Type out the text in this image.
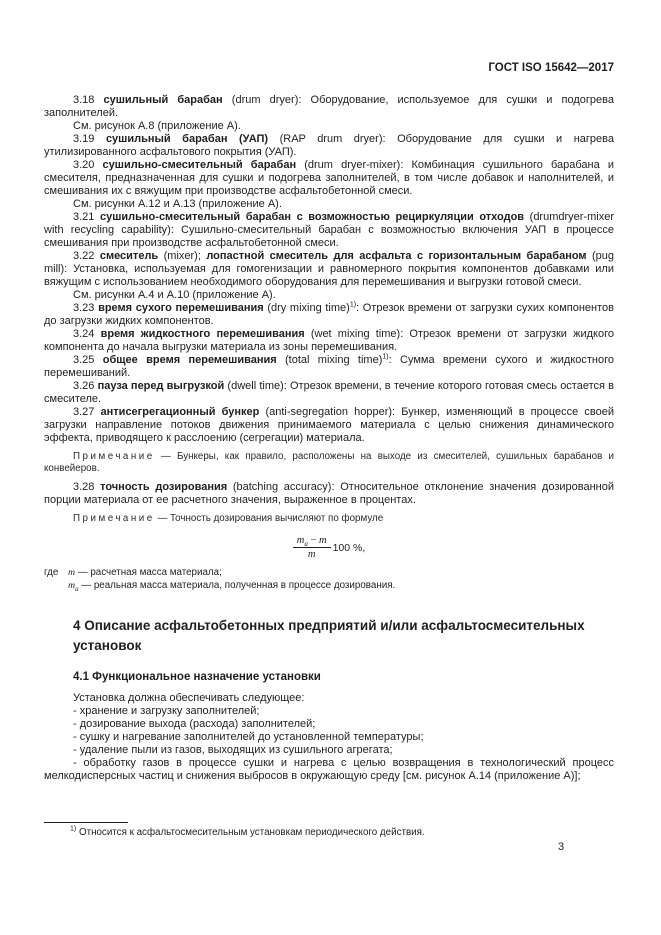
ГОСТ ISO 15642—2017

3.18 сушильный барабан (drum dryer): Оборудование, используемое для сушки и подогрева заполнителей.

См. рисунок А.8 (приложение А).

3.19 сушильный барабан (УАП) (RAP drum dryer): Оборудование для сушки и нагрева утилизированного асфальтового покрытия (УАП).

3.20 сушильно-смесительный барабан (drum dryer-mixer): Комбинация сушильного барабана и смесителя, предназначенная для сушки и подогрева заполнителей, в том числе добавок и наполнителей, и смешивания их с вяжущим при производстве асфальтобетонной смеси.

См. рисунки А.12 и А.13 (приложение А).

3.21 сушильно-смесительный барабан с возможностью рециркуляции отходов (drumdryer-mixer with recycling capability): Сушильно-смесительный барабан с возможностью включения УАП в процессе смешивания при производстве асфальтобетонной смеси.

3.22 смеситель (mixer); лопастной смеситель для асфальта с горизонтальным барабаном (pug mill): Установка, используемая для гомогенизации и равномерного покрытия компонентов добавками или вяжущим с использованием необходимого оборудования для перемешивания и выгрузки готовой смеси.

См. рисунки А.4 и А.10 (приложение А).

3.23 время сухого перемешивания (dry mixing time)$^{1)}$: Отрезок времени от загрузки сухих компонентов до загрузки жидких компонентов.

3.24 время жидкостного перемешивания (wet mixing time): Отрезок времени от загрузки жидкого компонента до начала выгрузки материала из зоны перемешивания.

3.25 общее время перемешивания (total mixing time)$^{1)}$: Сумма времени сухого и жидкостного перемешиваний.

3.26 пауза перед выгрузкой (dwell time): Отрезок времени, в течение которого готовая смесь остается в смесителе.

3.27 антисегрегационный бункер (anti-segregation hopper): Бункер, изменяющий в процессе своей загрузки направление потоков движения принимаемого материала с целью снижения динамического эффекта, приводящего к расслоению (сегрегации) материала.

Примечание — Бункеры, как правило, расположены на выходе из смесителей, сушильных барабанов и конвейеров.

3.28 точность дозирования (batching accuracy): Относительное отклонение значения дозированной порции материала от ее расчетного значения, выраженное в процентах.

Примечание — Точность дозирования вычисляют по формуле

$\frac{m_а - m}{m} 100$ %,

где m — расчетная масса материала;

$m_а$ — реальная масса материала, полученная в процессе дозирования.

4 Описание асфальтобетонных предприятий и/или асфальтосмесительных установок
4.1 Функциональное назначение установки

Установка должна обеспечивать следующее:

- хранение и загрузку заполнителей;

- дозирование выхода (расхода) заполнителей;

- сушку и нагревание заполнителей до установленной температуры;

- удаление пыли из газов, выходящих из сушильного агрегата;

- обработку газов в процессе сушки и нагрева с целью возвращения в технологический процесс мелкодисперсных частиц и снижения выбросов в окружающую среду [см. рисунок А.14 (приложение А)];

$^{1)}$ Относится к асфальтосмесительным установкам периодического действия.

3
